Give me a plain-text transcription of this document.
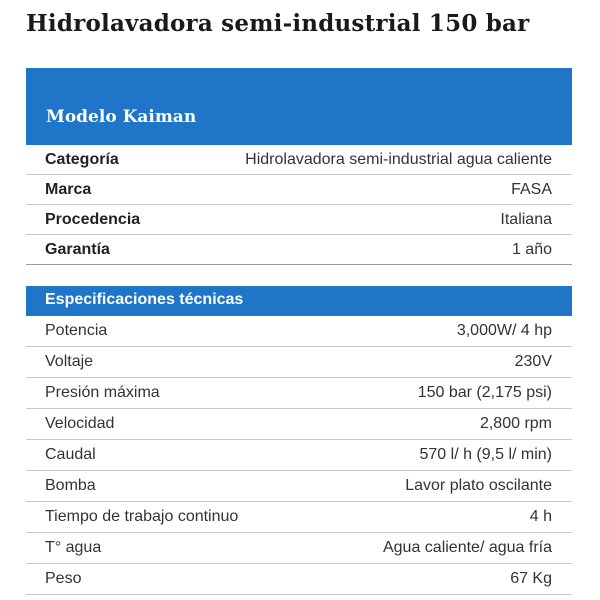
Hidrolavadora semi-industrial 150 bar
Modelo Kaiman
Categoría	Hidrolavadora semi-industrial agua caliente
Marca	FASA
Procedencia	Italiana
Garantía	1 año
Especificaciones técnicas
Potencia	3,000W/ 4 hp
Voltaje	230V
Presión máxima	150 bar (2,175 psi)
Velocidad	2,800 rpm
Caudal	570 l/ h (9,5 l/ min)
Bomba	Lavor plato oscilante
Tiempo de trabajo continuo	4 h
T° agua	Agua caliente/ agua fría
Peso	67 Kg
